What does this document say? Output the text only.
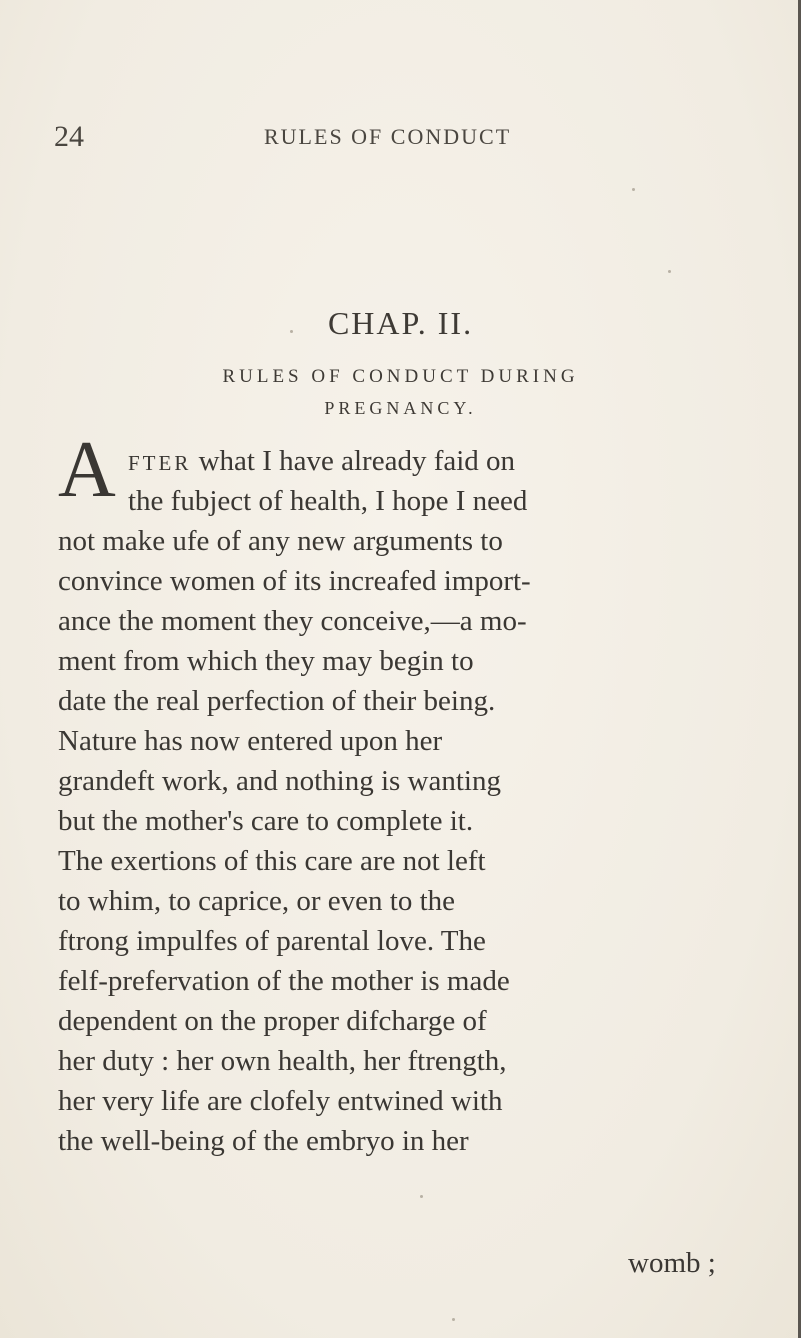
24	RULES OF CONDUCT
CHAP. II.
RULES OF CONDUCT DURING
PREGNANCY.
A FTER what I have already faid on
the fubject of health, I hope I need
not make ufe of any new arguments to
convince women of its increafed import-
ance the moment they conceive,—a mo-
ment from which they may begin to
date the real perfection of their being.
Nature has now entered upon her
grandeft work, and nothing is wanting
but the mother's care to complete it.
The exertions of this care are not left
to whim, to caprice, or even to the
ftrong impulfes of parental love. The
felf-prefervation of the mother is made
dependent on the proper difcharge of
her duty : her own health, her ftrength,
her very life are clofely entwined with
the well-being of the embryo in her
womb ;
